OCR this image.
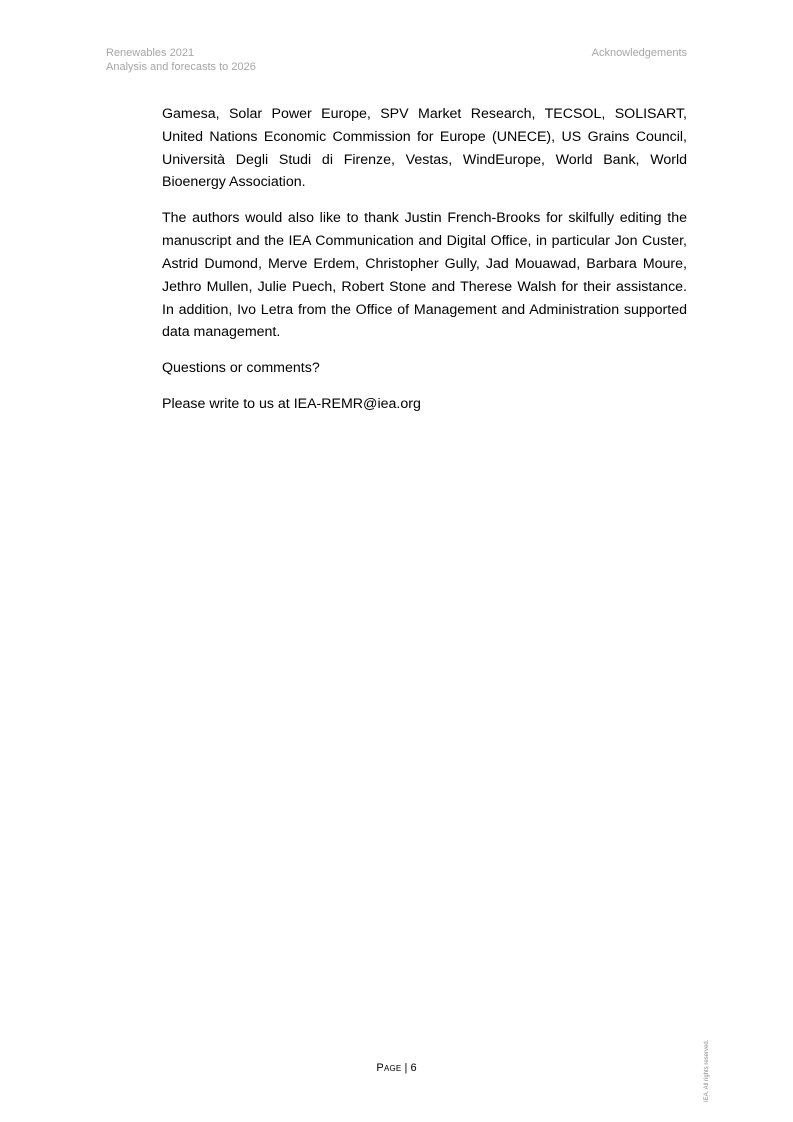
Renewables 2021
Analysis and forecasts to 2026
Acknowledgements

Gamesa, Solar Power Europe, SPV Market Research, TECSOL, SOLISART, United Nations Economic Commission for Europe (UNECE), US Grains Council, Università Degli Studi di Firenze, Vestas, WindEurope, World Bank, World Bioenergy Association.

The authors would also like to thank Justin French-Brooks for skilfully editing the manuscript and the IEA Communication and Digital Office, in particular Jon Custer, Astrid Dumond, Merve Erdem, Christopher Gully, Jad Mouawad, Barbara Moure, Jethro Mullen, Julie Puech, Robert Stone and Therese Walsh for their assistance. In addition, Ivo Letra from the Office of Management and Administration supported data management.

Questions or comments?

Please write to us at IEA-REMR@iea.org

Page | 6	IEA. All rights reserved.
